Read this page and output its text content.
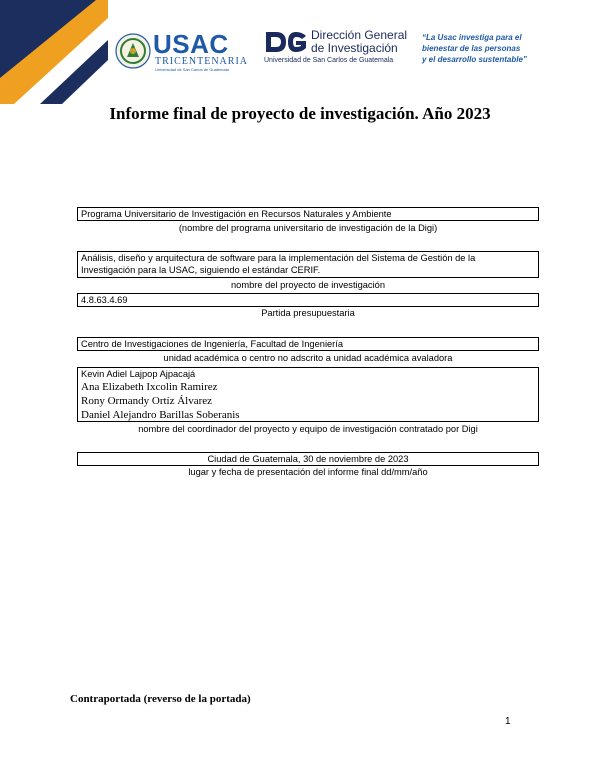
USAC
TRICENTENARIA
Universidad de San Carlos de Guatemala
Dirección General
de Investigación
Universidad de San Carlos de Guatemala
“La Usac investiga para el
bienestar de las personas
y el desarrollo sustentable”
Informe final de proyecto de investigación. Año 2023
Programa Universitario de Investigación en Recursos Naturales y Ambiente
(nombre del programa universitario de investigación de la Digi)
Análisis, diseño y arquitectura de software para la implementación del Sistema de Gestión de la
Investigación para la USAC, siguiendo el estándar CERIF.
nombre del proyecto de investigación
4.8.63.4.69
Partida presupuestaria
Centro de Investigaciones de Ingeniería, Facultad de Ingeniería
unidad académica o centro no adscrito a unidad académica avaladora
Kevin Adiel Lajpop Ajpacajá
Ana Elizabeth Ixcolin Ramirez
Rony Ormandy Ortíz Álvarez
Daniel Alejandro Barillas Soberanis
nombre del coordinador del proyecto y equipo de investigación contratado por Digi
Ciudad de Guatemala, 30 de noviembre de 2023
lugar y fecha de presentación del informe final dd/mm/año
Contraportada (reverso de la portada)
1
